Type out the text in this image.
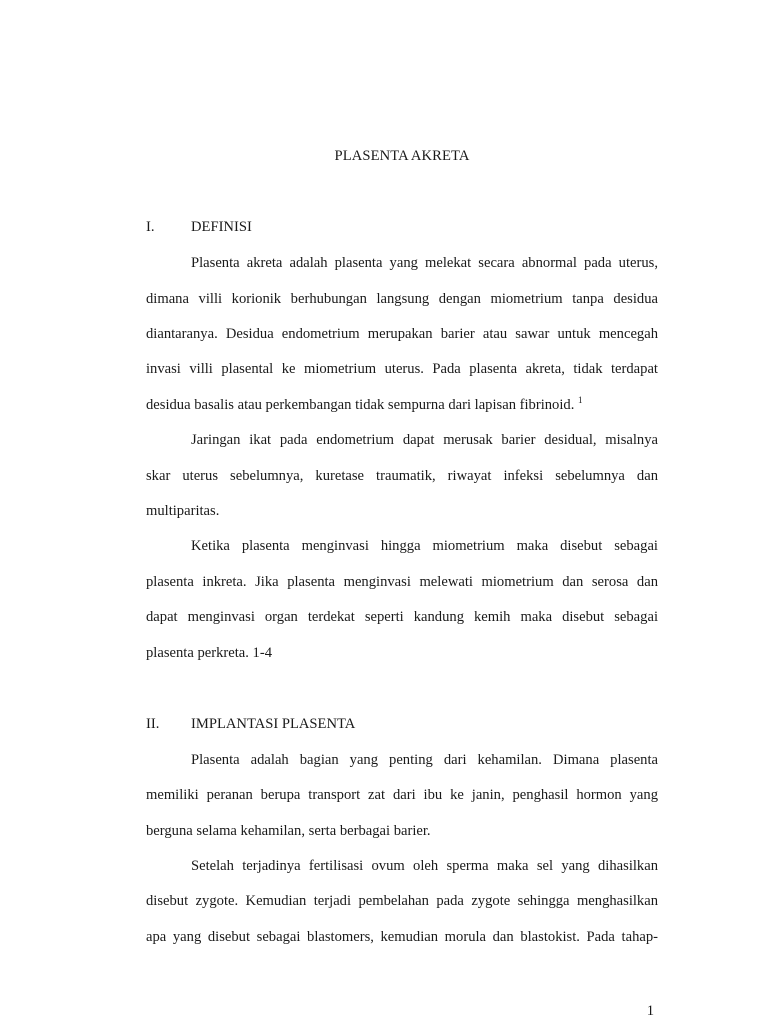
PLASENTA AKRETA
I. DEFINISI
Plasenta akreta adalah plasenta yang melekat secara abnormal pada uterus,
dimana villi korionik berhubungan langsung dengan miometrium tanpa desidua
diantaranya. Desidua endometrium merupakan barier atau sawar untuk mencegah
invasi villi plasental ke miometrium uterus. Pada plasenta akreta, tidak terdapat
desidua basalis atau perkembangan tidak sempurna dari lapisan fibrinoid. $^1$
Jaringan ikat pada endometrium dapat merusak barier desidual, misalnya
skar uterus sebelumnya, kuretase traumatik, riwayat infeksi sebelumnya dan
multiparitas.
Ketika plasenta menginvasi hingga miometrium maka disebut sebagai
plasenta inkreta. Jika plasenta menginvasi melewati miometrium dan serosa dan
dapat menginvasi organ terdekat seperti kandung kemih maka disebut sebagai
plasenta perkreta. 1-4
II. IMPLANTASI PLASENTA
Plasenta adalah bagian yang penting dari kehamilan. Dimana plasenta
memiliki peranan berupa transport zat dari ibu ke janin, penghasil hormon yang
berguna selama kehamilan, serta berbagai barier.
Setelah terjadinya fertilisasi ovum oleh sperma maka sel yang dihasilkan
disebut zygote. Kemudian terjadi pembelahan pada zygote sehingga menghasilkan
apa yang disebut sebagai blastomers, kemudian morula dan blastokist. Pada tahap-
1
